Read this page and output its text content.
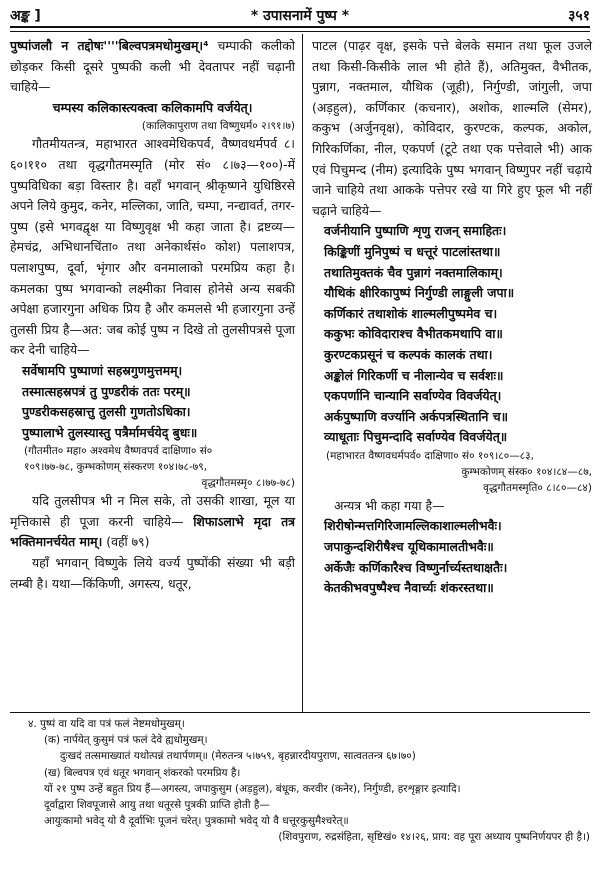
अङ्क ]	* उपासनामें पुष्प *	३५१

पुष्पांजलौ न तद्दोषः''''बिल्वपत्रमधोमुखम्।⁴ चम्पाकी कलीको छोड़कर किसी दूसरे पुष्पकी कली भी देवतापर नहीं चढ़ानी चाहिये—

चम्पस्य कलिकास्त्यक्त्वा कलिकामपि वर्जयेत्।

(कालिकापुराण तथा विष्णुधर्म० २।९१।७)

गौतमीयतन्त्र, महाभारत आश्वमेधिकपर्व, वैष्णवधर्मपर्व ८।६०।११० तथा वृद्धगौतमस्मृति (मोर सं० ८।७३—१००)-में पुष्पविधिका बड़ा विस्तार है। वहाँ भगवान् श्रीकृष्णने युधिष्ठिरसे अपने लिये कुमुद, कनेर, मल्लिका, जाति, चम्पा, नन्द्यावर्त, तगर-पुष्प (इसे भगवद्वृक्ष या विष्णुवृक्ष भी कहा जाता है। द्रष्टव्य—हेमचंद्र, अभिधानचिंता० तथा अनेकार्थसं० कोश) पलाशपत्र, पलाशपुष्प, दूर्वा, भृंगार और वनमालाको परमप्रिय कहा है। कमलका पुष्प भगवान्को लक्ष्मीका निवास होनेसे अन्य सबकी अपेक्षा हजारगुना अधिक प्रिय है और कमलसे भी हजारगुना उन्हें तुलसी प्रिय है—अत: जब कोई पुष्प न दिखे तो तुलसीपत्रसे पूजा कर देनी चाहिये—

सर्वेषामपि पुष्पाणां सहस्रगुणमुत्तमम्।

तस्मात्सहस्रपत्रं तु पुण्डरीकं ततः परम्॥

पुण्डरीकसहस्रात्तु तुलसी गुणतोऽधिका।

पुष्पालाभे तुलस्यास्तु पत्रैर्मामर्चयेद् बुधः॥

(गौतमीत० महा० अश्वमेध वैष्णवपर्व दाक्षिणा० सं०

१०९।७७-७८, कुम्भकोणम् संस्करण १०४।७८-७९,

वृद्धगौतमस्मृ० ८।७७-७८)

यदि तुलसीपत्र भी न मिल सके, तो उसकी शाखा, मूल या मृत्तिकासे ही पूजा करनी चाहिये— शिफाऽलाभे मृदा तत्र भक्तिमानर्चयेत माम्। (वहीं ७९)

यहाँ भगवान् विष्णुके लिये वर्ज्य पुष्पोंकी संख्या भी बड़ी लम्बी है। यथा—किंकिणी, अगस्त्य, धतूर,

पाटल (पाढ़र वृक्ष, इसके पत्ते बेलके समान तथा फूल उजले तथा किसी-किसीके लाल भी होते हैं), अतिमुक्त, वैभीतक, पुन्नाग, नक्तमाल, यौथिक (जूही), निर्गुण्डी, जांगुली, जपा (अड़हुल), कर्णिकार (कचनार), अशोक, शाल्मलि (सेमर), ककुभ (अर्जुनवृक्ष), कोविदार, कुरण्टक, कल्पक, अकोल, गिरिकर्णिका, नील, एकपर्ण (टूटे तथा एक पत्तेवाले भी) आक एवं पिचुमन्द (नीम) इत्यादिके पुष्प भगवान् विष्णुपर नहीं चढ़ाये जाने चाहिये तथा आकके पत्तेपर रखे या गिरे हुए फूल भी नहीं चढ़ाने चाहिये—

वर्जनीयानि पुष्पाणि शृणु राजन् समाहितः।

किङ्किणीं मुनिपुष्पं च धत्तूरं पाटलांस्तथा॥

तथातिमुक्तकं चैव पुन्नागं नक्तमालिकाम्।

यौथिकं क्षीरिकापुष्पं निर्गुण्डी लाङ्गुली जपा॥

कर्णिकारं तथाशोकं शाल्मलीपुष्पमेव च।

ककुभः कोविदाराश्च वैभीतकमथापि वा॥

कुरण्टकप्रसूनं च कल्पकं कालकं तथा।

अङ्कोलं गिरिकर्णी च नीलान्येव च सर्वशः॥

एकपर्णानि चान्यानि सर्वाण्येव विवर्जयेत्।

अर्कपुष्पाणि वर्ज्यानि अर्कपत्रस्थितानि च॥

व्याधूताः पिचुमन्दादि सर्वाण्येव विवर्जयेत्॥

(महाभारत वैष्णवधर्मपर्व० दाक्षिणा० सं० १०९।८०—८३,

कुम्भकोणम् संस्क० १०४।८४—८७,

वृद्धगौतमस्मृति० ८।८०—८४)

अन्यत्र भी कहा गया है—

शिरीषोन्मत्तगिरिजामल्लिकाशाल्मलीभवैः।

जपाकुन्दशिरीषैश्च यूथिकामालतीभवैः॥

अर्केजैः कर्णिकारैश्च विष्णुर्नार्च्यस्तथाक्षतैः।

केतकीभवपुष्पैश्च नैवार्च्यः शंकरस्तथा॥

४. पुष्पं वा यदि वा पत्रं फलं नेष्टमधोमुखम्।

(क) नार्पयेत् कुसुमं पत्रं फलं देवे ह्यधोमुखम्।

दुःखदं तत्समाख्यातं यथोत्पन्नं तथार्पणम्॥ (मेरुतन्त्र ५।७५९, बृहन्नारदीयपुराण, सात्वततन्त्र ६७।७०)

(ख) बिल्वपत्र एवं धतूर भगवान् शंकरको परमप्रिय है।

यों २१ पुष्प उन्हें बहुत प्रिय हैं—अगस्त्य, जपाकुसुम (अड़हुल), बंधूक, करवीर (कनेर), निर्गुण्डी, हरशृङ्गार इत्यादि।

दूर्वाद्वारा शिवपूजासे आयु तथा धतूरसे पुत्रकी प्राप्ति होती है—

आयुःकामो भवेद् यो वै दूर्वाभिः पूजनं चरेत्। पुत्रकामो भवेद् यो वै धत्तूरकुसुमैश्चरेत्॥

(शिवपुराण, रुद्रसंहिता, सृष्टिखं० १४।२६, प्राय: वह पूरा अध्याय पुष्पनिर्णयपर ही है।)
